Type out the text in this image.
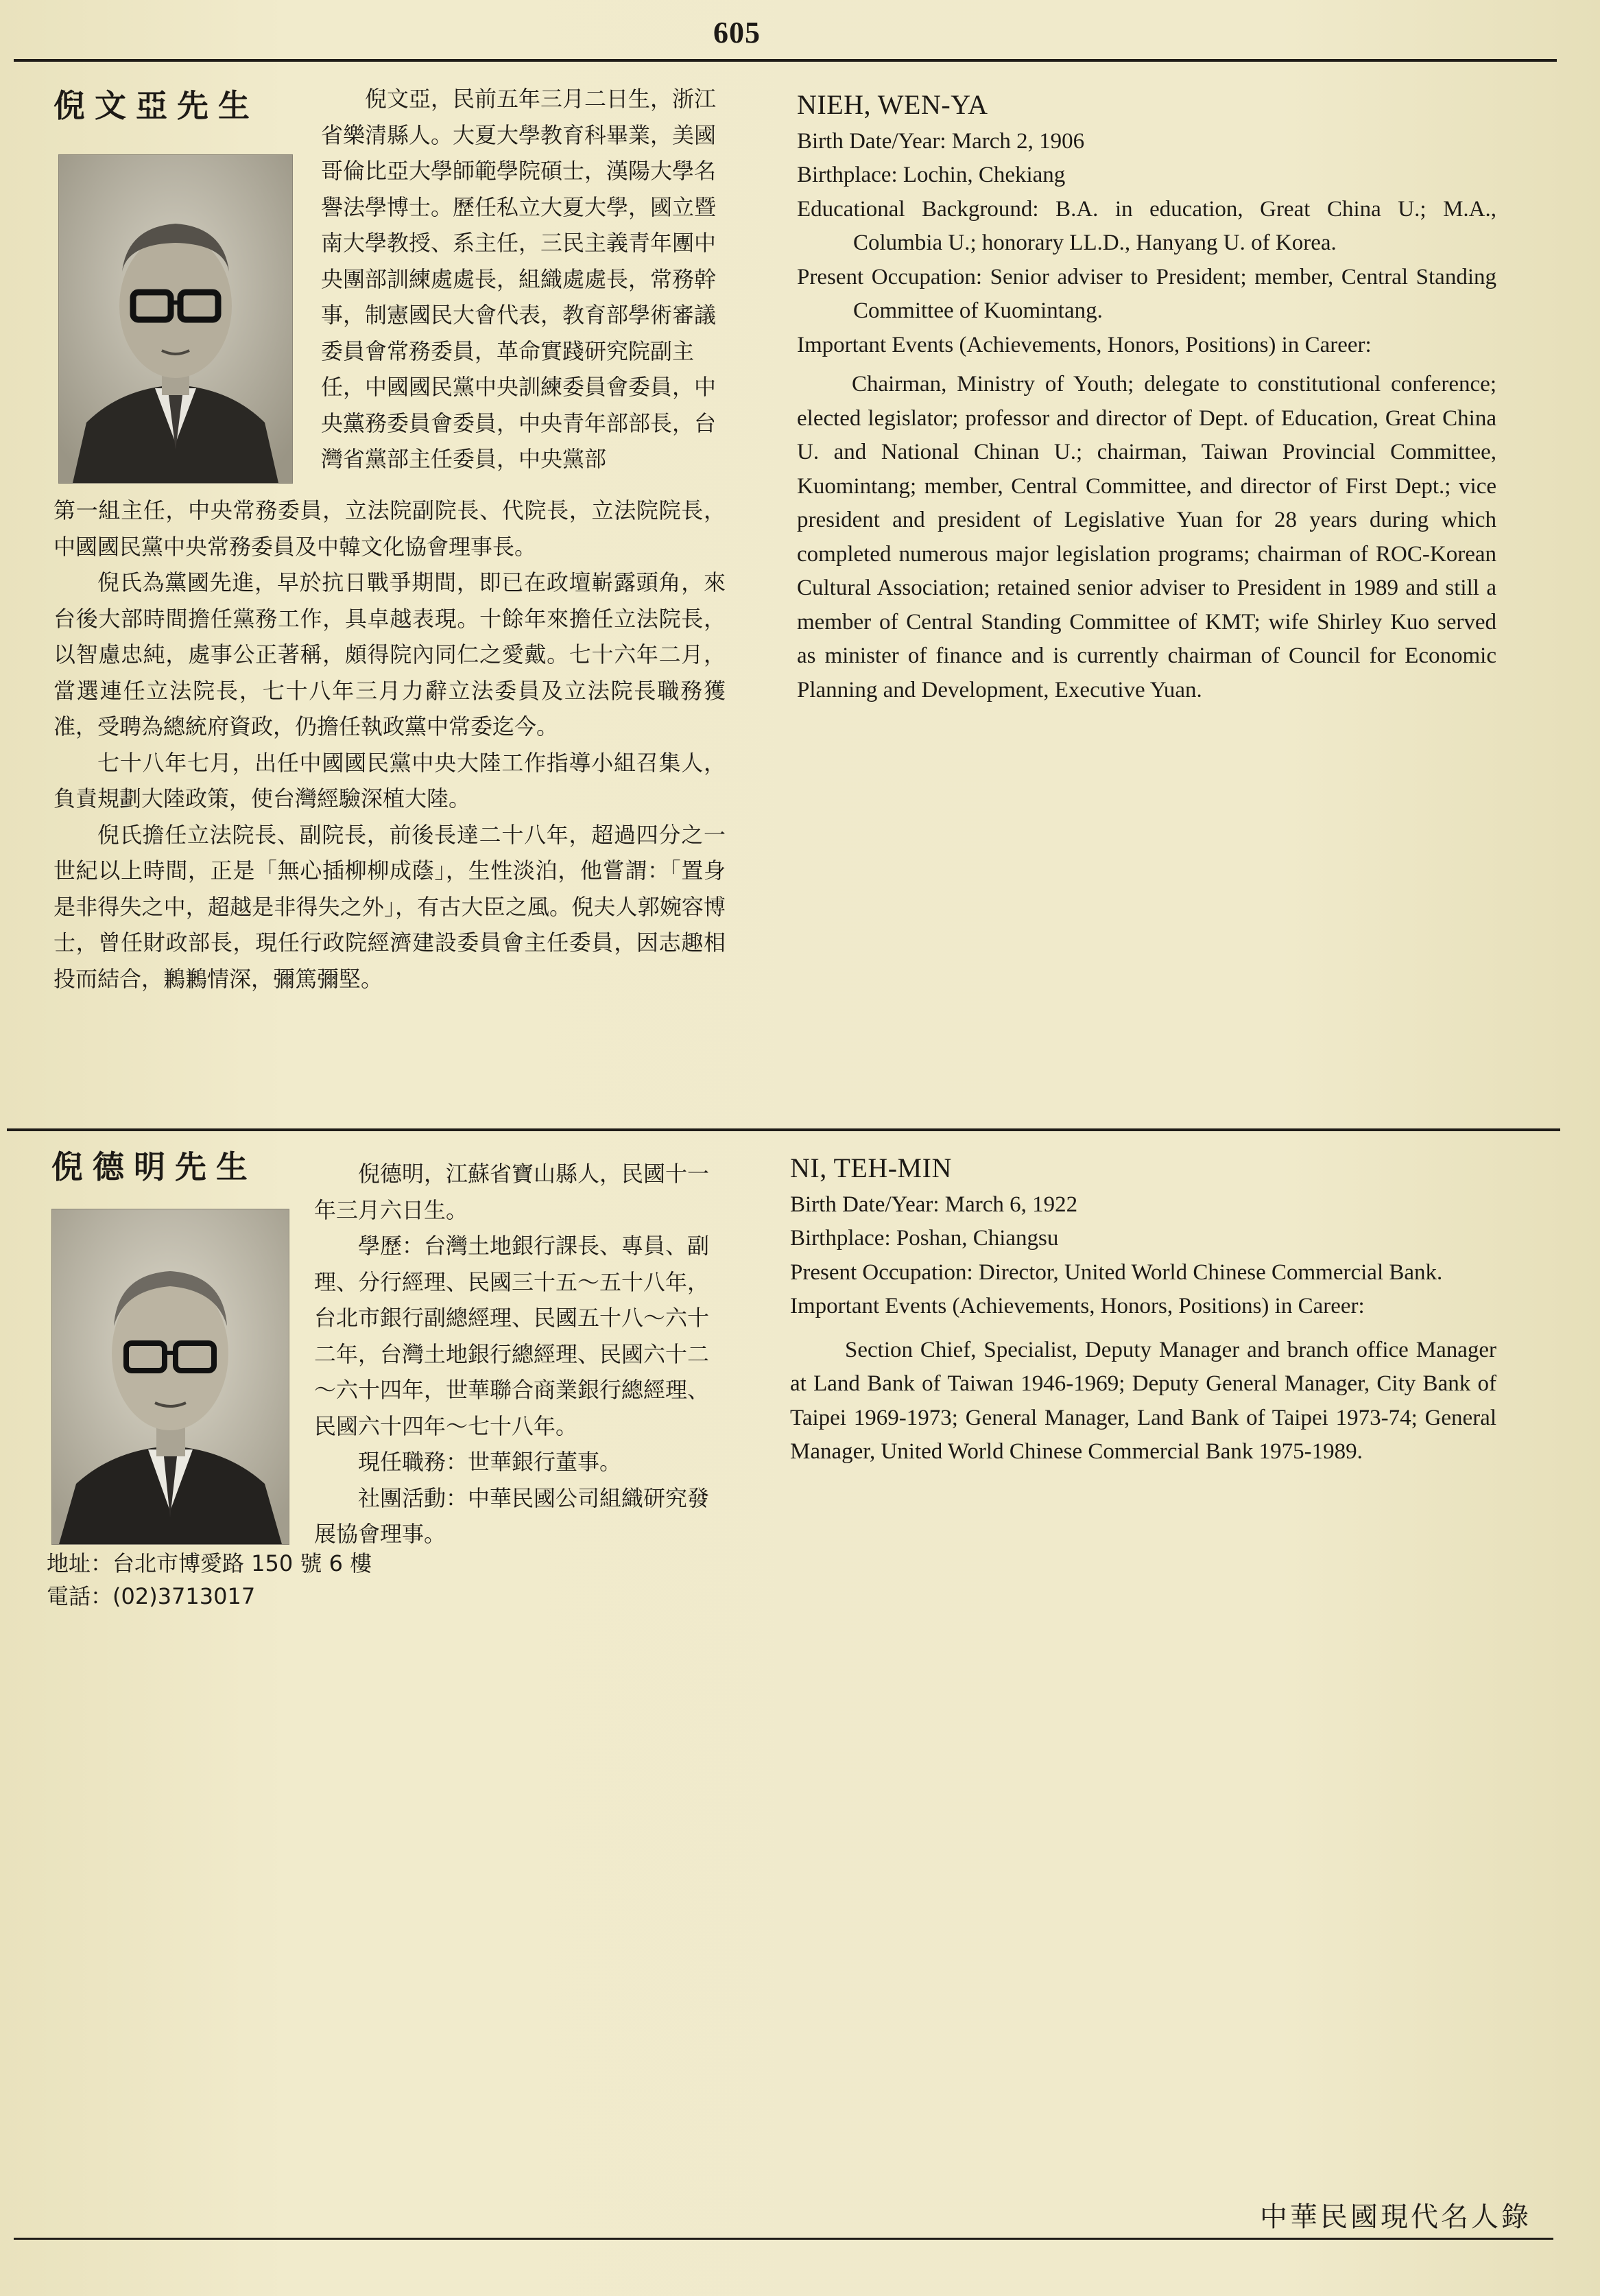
605
倪文亞先生	倪文亞，民前五年三月二日生，浙江省樂清縣人。大夏大學教育科畢業，美國哥倫比亞大學師範學院碩士，漢陽大學名譽法學博士。歷任私立大夏大學，國立暨南大學教授、系主任，三民主義青年團中央團部訓練處處長，組織處處長，常務幹事，制憲國民大會代表，教育部學術審議委員會常務委員，革命實踐研究院副主任，中國國民黨中央訓練委員會委員，中央黨務委員會委員，中央青年部部長，台灣省黨部主任委員，中央黨部

第一組主任，中央常務委員，立法院副院長、代院長，立法院院長，中國國民黨中央常務委員及中韓文化協會理事長。

倪氏為黨國先進，早於抗日戰爭期間，即已在政壇嶄露頭角，來台後大部時間擔任黨務工作，具卓越表現。十餘年來擔任立法院長，以智慮忠純，處事公正著稱，頗得院內同仁之愛戴。七十六年二月，當選連任立法院長，七十八年三月力辭立法委員及立法院長職務獲准，受聘為總統府資政，仍擔任執政黨中常委迄今。

七十八年七月，出任中國國民黨中央大陸工作指導小組召集人，負責規劃大陸政策，使台灣經驗深植大陸。

倪氏擔任立法院長、副院長，前後長達二十八年，超過四分之一世紀以上時間，正是「無心插柳柳成蔭」，生性淡泊，他嘗謂：「置身是非得失之中，超越是非得失之外」，有古大臣之風。倪夫人郭婉容博士，曾任財政部長，現任行政院經濟建設委員會主任委員，因志趣相投而結合，鶼鶼情深，彌篤彌堅。

NIEH, WEN-YA

Birth Date/Year: March 2, 1906

Birthplace: Lochin, Chekiang

Educational Background: B.A. in education, Great China U.; M.A., Columbia U.; honorary LL.D., Hanyang U. of Korea.

Present Occupation: Senior adviser to President; member, Central Standing Committee of Kuomintang.

Important Events (Achievements, Honors, Positions) in Career:

Chairman, Ministry of Youth; delegate to constitutional conference; elected legislator; professor and director of Dept. of Education, Great China U. and National Chinan U.; chairman, Taiwan Provincial Committee, Kuomintang; member, Central Committee, and director of First Dept.; vice president and president of Legislative Yuan for 28 years during which completed numerous major legislation programs; chairman of ROC-Korean Cultural Association; retained senior adviser to President in 1989 and still a member of Central Standing Committee of KMT; wife Shirley Kuo served as minister of finance and is currently chairman of Council for Economic Planning and Development, Executive Yuan.

倪德明先生	倪德明，江蘇省寶山縣人，民國十一年三月六日生。

學歷：台灣土地銀行課長、專員、副理、分行經理、民國三十五～五十八年，台北市銀行副總經理、民國五十八～六十二年，台灣土地銀行總經理、民國六十二～六十四年，世華聯合商業銀行總經理、民國六十四年～七十八年。

現任職務：世華銀行董事。

社團活動：中華民國公司組織研究發展協會理事。

地址：台北市博愛路 150 號 6 樓
電話：(02)3713017

NI, TEH-MIN

Birth Date/Year: March 6, 1922

Birthplace: Poshan, Chiangsu

Present Occupation: Director, United World Chinese Commercial Bank.

Important Events (Achievements, Honors, Positions) in Career:

Section Chief, Specialist, Deputy Manager and branch office Manager at Land Bank of Taiwan 1946-1969; Deputy General Manager, City Bank of Taipei 1969-1973; General Manager, Land Bank of Taipei 1973-74; General Manager, United World Chinese Commercial Bank 1975-1989.

中華民國現代名人錄
